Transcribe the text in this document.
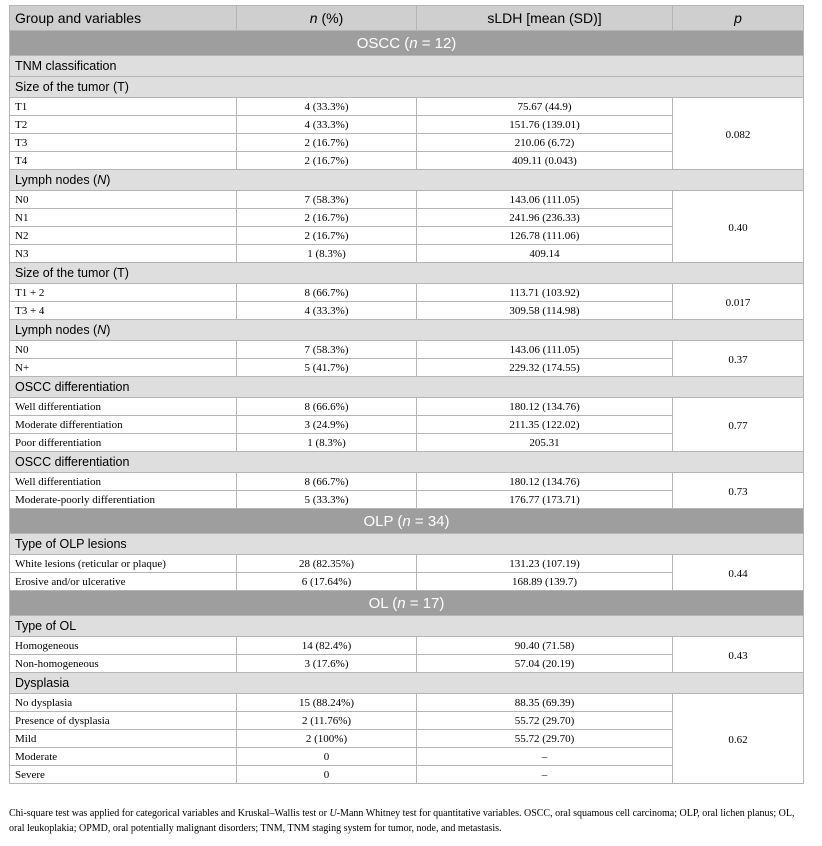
Group and variables	n (%)	sLDH [mean (SD)]	p
OSCC (n = 12)			
TNM classification			
Size of the tumor (T)			
T1	4 (33.3%)	75.67 (44.9)	0.082
T2	4 (33.3%)	151.76 (139.01)	
T3	2 (16.7%)	210.06 (6.72)	
T4	2 (16.7%)	409.11 (0.043)	
Lymph nodes (N)			
N0	7 (58.3%)	143.06 (111.05)	0.40
N1	2 (16.7%)	241.96 (236.33)	
N2	2 (16.7%)	126.78 (111.06)	
N3	1 (8.3%)	409.14	
Size of the tumor (T)			
T1 + 2	8 (66.7%)	113.71 (103.92)	0.017
T3 + 4	4 (33.3%)	309.58 (114.98)	
Lymph nodes (N)			
N0	7 (58.3%)	143.06 (111.05)	0.37
N+	5 (41.7%)	229.32 (174.55)	
OSCC differentiation			
Well differentiation	8 (66.6%)	180.12 (134.76)	0.77
Moderate differentiation	3 (24.9%)	211.35 (122.02)	
Poor differentiation	1 (8.3%)	205.31	
OSCC differentiation			
Well differentiation	8 (66.7%)	180.12 (134.76)	0.73
Moderate-poorly differentiation	5 (33.3%)	176.77 (173.71)	
OLP (n = 34)			
Type of OLP lesions			
White lesions (reticular or plaque)	28 (82.35%)	131.23 (107.19)	0.44
Erosive and/or ulcerative	6 (17.64%)	168.89 (139.7)	
OL (n = 17)			
Type of OL			
Homogeneous	14 (82.4%)	90.40 (71.58)	0.43
Non-homogeneous	3 (17.6%)	57.04 (20.19)	
Dysplasia			
No dysplasia	15 (88.24%)	88.35 (69.39)	0.62
Presence of dysplasia	2 (11.76%)	55.72 (29.70)	
Mild	2 (100%)	55.72 (29.70)	
Moderate	0	–	
Severe	0	–	
Chi-square test was applied for categorical variables and Kruskal–Wallis test or U-Mann Whitney test for quantitative variables. OSCC, oral squamous cell carcinoma; OLP, oral lichen planus; OL, oral leukoplakia; OPMD, oral potentially malignant disorders; TNM, TNM staging system for tumor, node, and metastasis.
